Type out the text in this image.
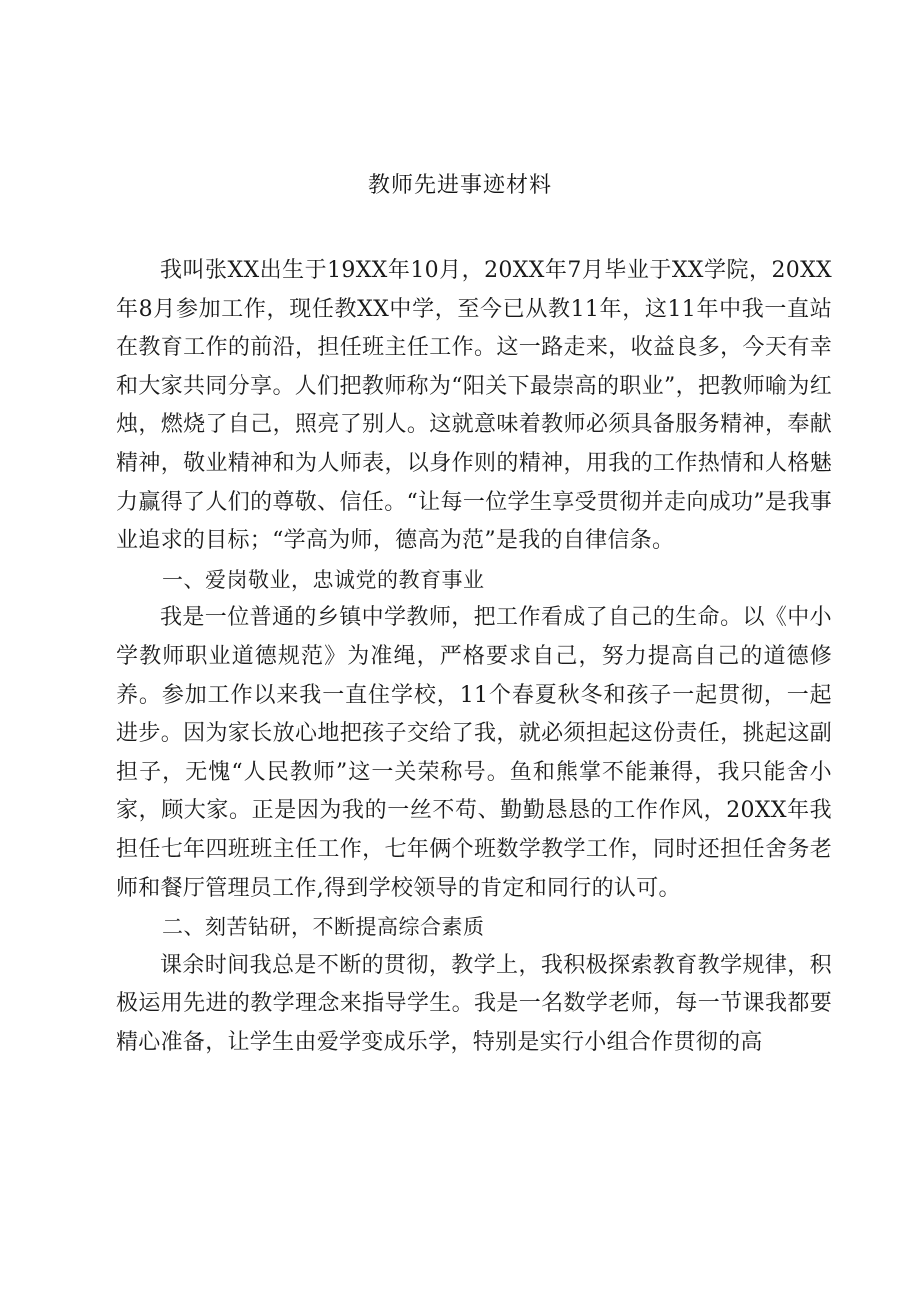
教师先进事迹材料

我叫张XX出生于19XX年10月，20XX年7月毕业于XX学院，20XX年8月参加工作，现任教XX中学，至今已从教11年，这11年中我一直站在教育工作的前沿，担任班主任工作。这一路走来，收益良多，今天有幸和大家共同分享。人们把教师称为“阳关下最崇高的职业”，把教师喻为红烛，燃烧了自己，照亮了别人。这就意味着教师必须具备服务精神，奉献精神，敬业精神和为人师表，以身作则的精神，用我的工作热情和人格魅力赢得了人们的尊敬、信任。“让每一位学生享受贯彻并走向成功”是我事业追求的目标；“学高为师，德高为范”是我的自律信条。

一、爱岗敬业，忠诚党的教育事业

我是一位普通的乡镇中学教师，把工作看成了自己的生命。以《中小学教师职业道德规范》为准绳，严格要求自己，努力提高自己的道德修养。参加工作以来我一直住学校，11个春夏秋冬和孩子一起贯彻，一起进步。因为家长放心地把孩子交给了我，就必须担起这份责任，挑起这副担子，无愧“人民教师”这一关荣称号。鱼和熊掌不能兼得，我只能舍小家，顾大家。正是因为我的一丝不苟、勤勤恳恳的工作作风，20XX年我担任七年四班班主任工作，七年俩个班数学教学工作，同时还担任舍务老师和餐厅管理员工作,得到学校领导的肯定和同行的认可。

二、刻苦钻研，不断提高综合素质

课余时间我总是不断的贯彻，教学上，我积极探索教育教学规律，积极运用先进的教学理念来指导学生。我是一名数学老师，每一节课我都要精心准备，让学生由爱学变成乐学，特别是实行小组合作贯彻的高
